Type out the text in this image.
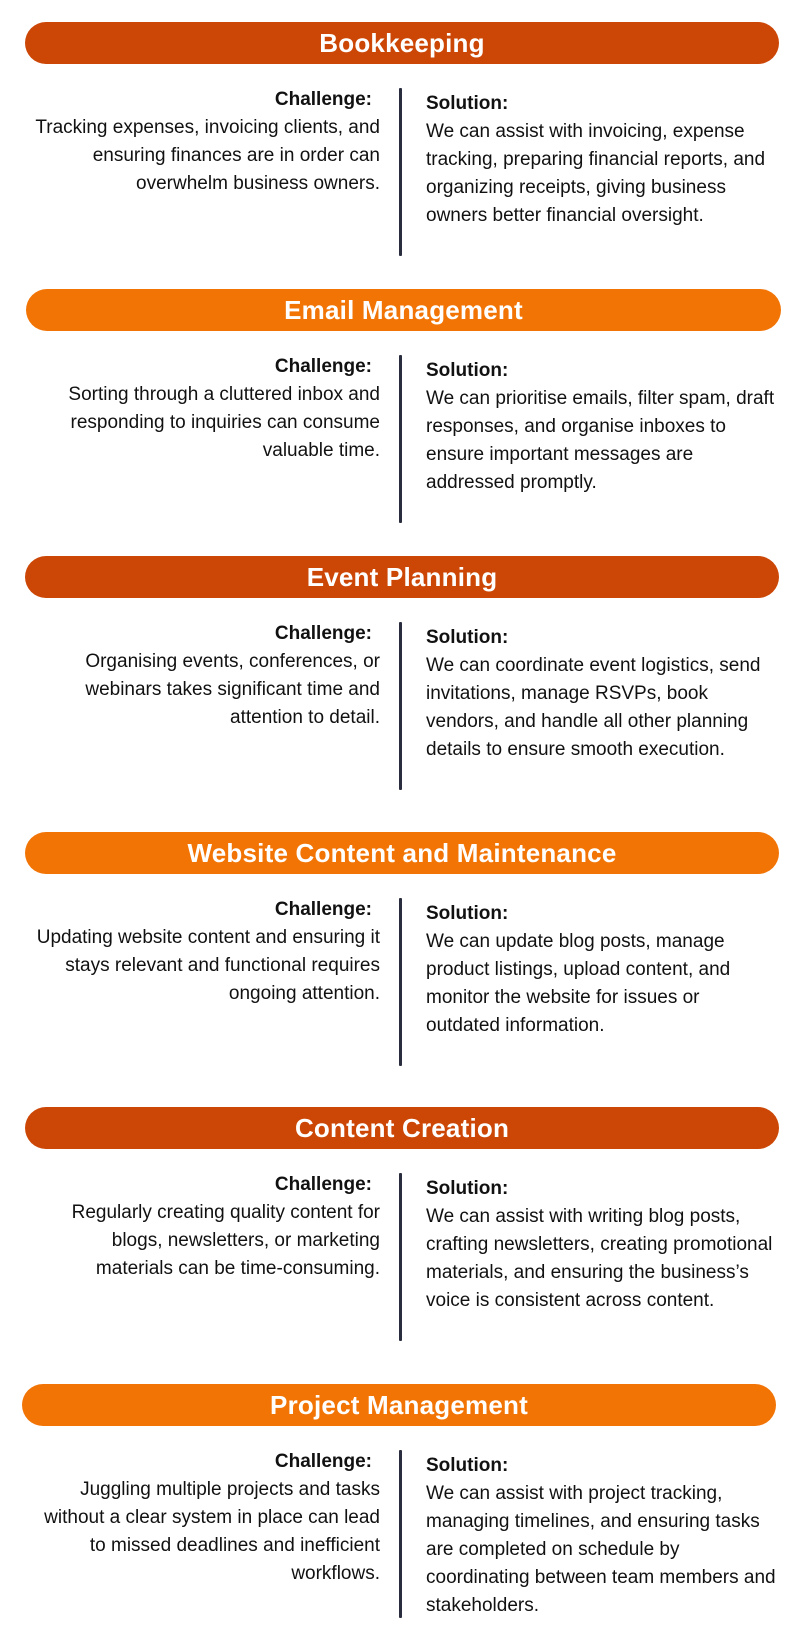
Bookkeeping
Challenge:
Tracking expenses, invoicing clients, and ensuring finances are in order can overwhelm business owners.
Solution:
We can assist with invoicing, expense tracking, preparing financial reports, and organizing receipts, giving business owners better financial oversight.
Email Management
Challenge:
Sorting through a cluttered inbox and responding to inquiries can consume valuable time.
Solution:
We can prioritise emails, filter spam, draft responses, and organise inboxes to ensure important messages are addressed promptly.
Event Planning
Challenge:
Organising events, conferences, or webinars takes significant time and attention to detail.
Solution:
We can coordinate event logistics, send invitations, manage RSVPs, book vendors, and handle all other planning details to ensure smooth execution.
Website Content and Maintenance
Challenge:
Updating website content and ensuring it stays relevant and functional requires ongoing attention.
Solution:
We can update blog posts, manage product listings, upload content, and monitor the website for issues or outdated information.
Content Creation
Challenge:
Regularly creating quality content for blogs, newsletters, or marketing materials can be time-consuming.
Solution:
We can assist with writing blog posts, crafting newsletters, creating promotional materials, and ensuring the business’s voice is consistent across content.
Project Management
Challenge:
Juggling multiple projects and tasks without a clear system in place can lead to missed deadlines and inefficient workflows.
Solution:
We can assist with project tracking, managing timelines, and ensuring tasks are completed on schedule by coordinating between team members and stakeholders.
